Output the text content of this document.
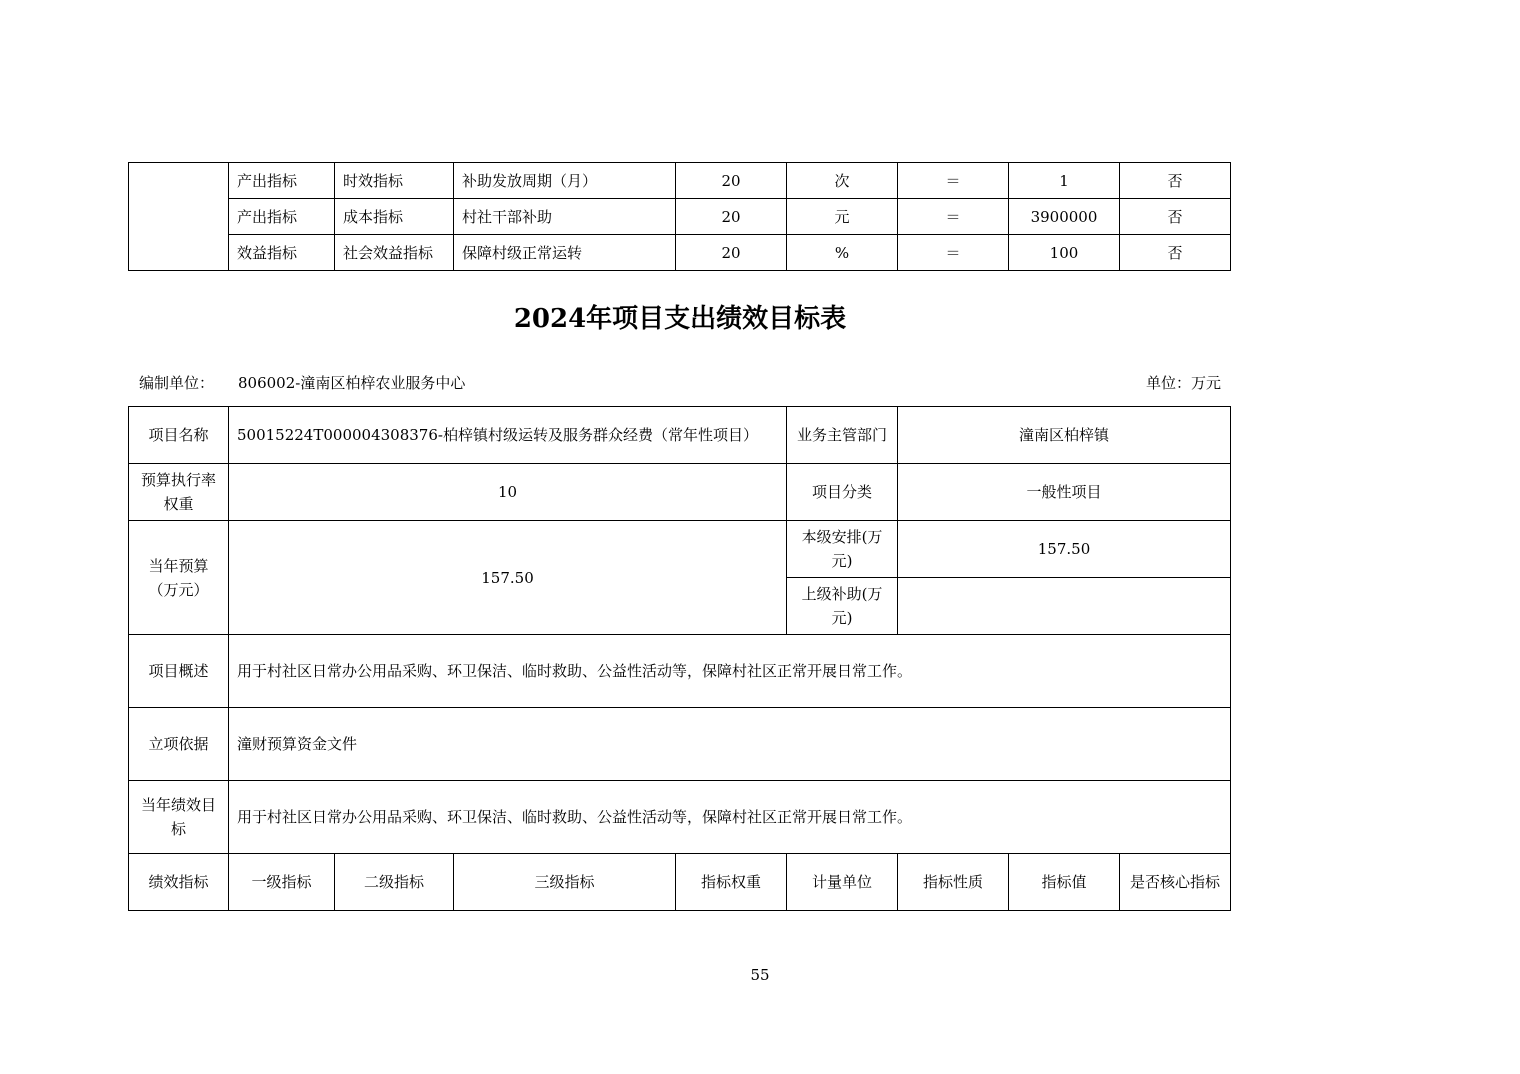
	产出指标	时效指标	补助发放周期（月）	20	次	＝	1	否
	产出指标	成本指标	村社干部补助	20	元	＝	3900000	否
	效益指标	社会效益指标	保障村级正常运转	20	%	＝	100	否
2024年项目支出绩效目标表
编制单位： 806002-潼南区柏梓农业服务中心	单位：万元
项目名称	50015224T000004308376-柏梓镇村级运转及服务群众经费（常年性项目）				业务主管部门	潼南区柏梓镇		
预算执行率权重	10				项目分类	一般性项目		
当年预算（万元）	157.50				本级安排(万元)	157.50		
					上级补助(万元)			
项目概述	用于村社区日常办公用品采购、环卫保洁、临时救助、公益性活动等，保障村社区正常开展日常工作。							
立项依据	潼财预算资金文件							
当年绩效目标	用于村社区日常办公用品采购、环卫保洁、临时救助、公益性活动等，保障村社区正常开展日常工作。							
绩效指标	一级指标	二级指标	三级指标	指标权重	计量单位	指标性质	指标值	是否核心指标
55
